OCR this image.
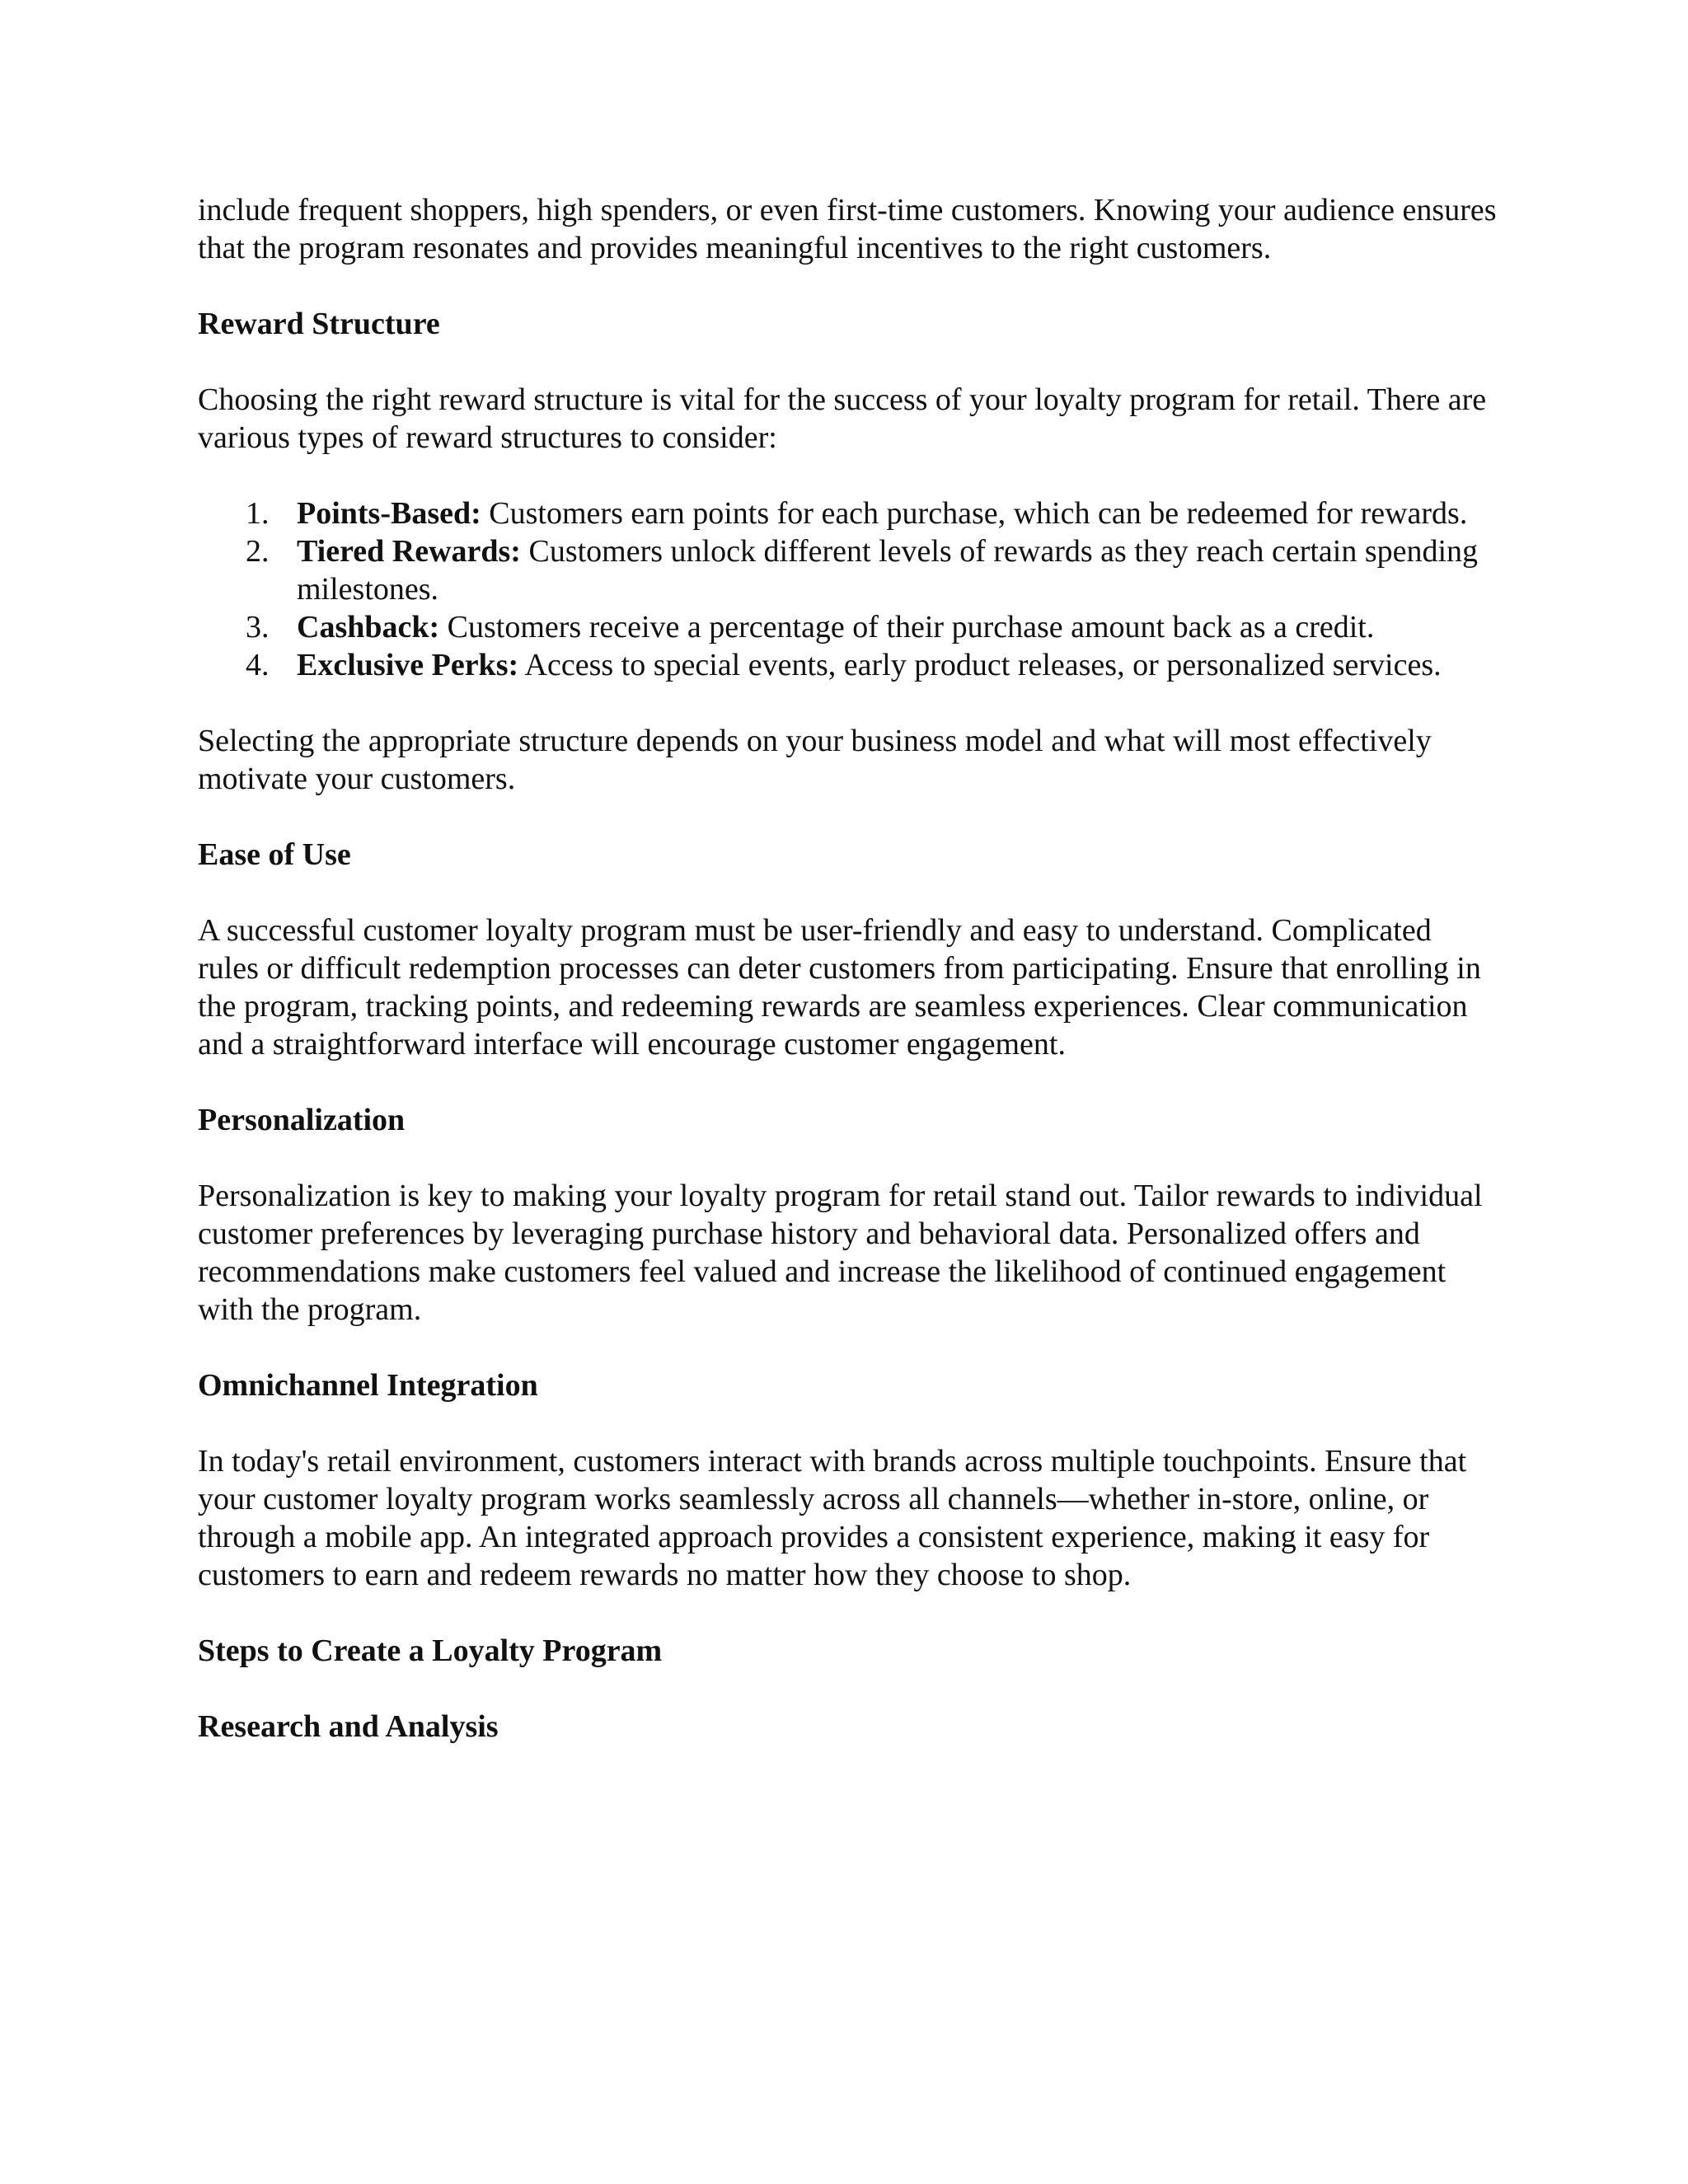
include frequent shoppers, high spenders, or even first-time customers. Knowing your audience ensures that the program resonates and provides meaningful incentives to the right customers.

Reward Structure

Choosing the right reward structure is vital for the success of your loyalty program for retail. There are various types of reward structures to consider:

1. Points-Based: Customers earn points for each purchase, which can be redeemed for rewards.
2. Tiered Rewards: Customers unlock different levels of rewards as they reach certain spending milestones.
3. Cashback: Customers receive a percentage of their purchase amount back as a credit.
4. Exclusive Perks: Access to special events, early product releases, or personalized services.

Selecting the appropriate structure depends on your business model and what will most effectively motivate your customers.

Ease of Use

A successful customer loyalty program must be user-friendly and easy to understand. Complicated rules or difficult redemption processes can deter customers from participating. Ensure that enrolling in the program, tracking points, and redeeming rewards are seamless experiences. Clear communication and a straightforward interface will encourage customer engagement.

Personalization

Personalization is key to making your loyalty program for retail stand out. Tailor rewards to individual customer preferences by leveraging purchase history and behavioral data. Personalized offers and recommendations make customers feel valued and increase the likelihood of continued engagement with the program.

Omnichannel Integration

In today's retail environment, customers interact with brands across multiple touchpoints. Ensure that your customer loyalty program works seamlessly across all channels—whether in-store, online, or through a mobile app. An integrated approach provides a consistent experience, making it easy for customers to earn and redeem rewards no matter how they choose to shop.

Steps to Create a Loyalty Program
Research and Analysis
